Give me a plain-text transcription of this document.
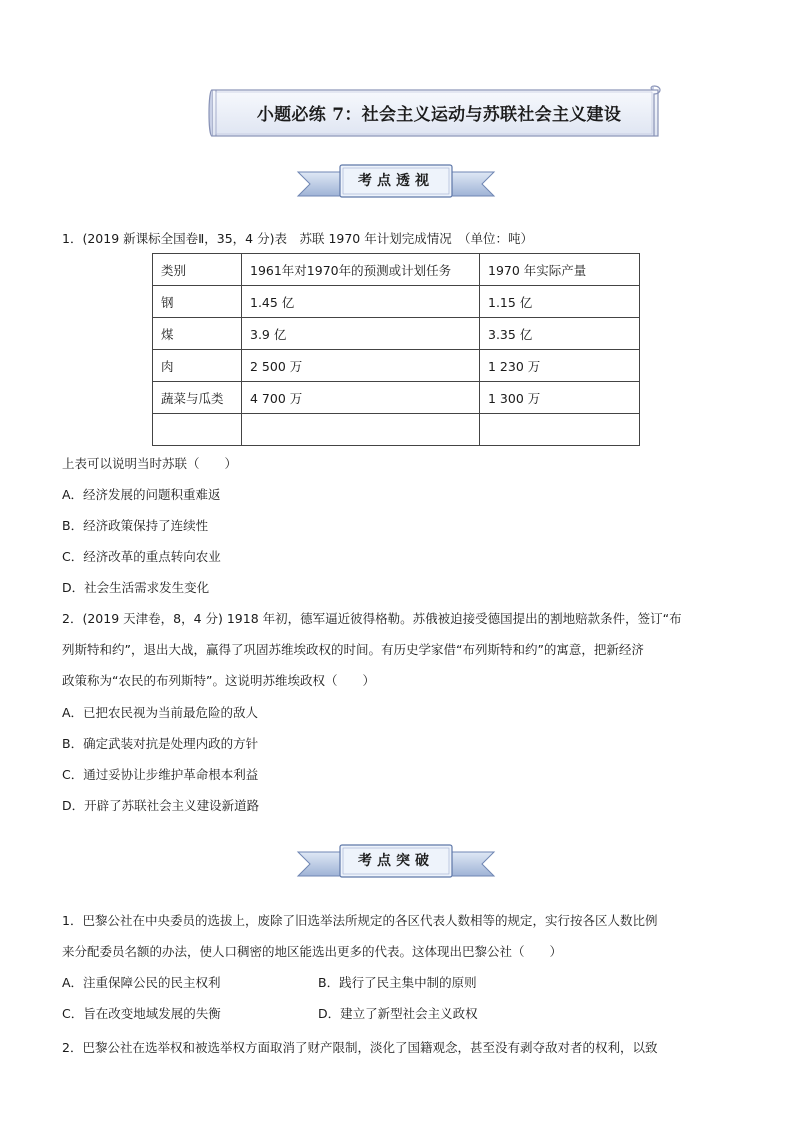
小题必练 7：社会主义运动与苏联社会主义建设
考点透视
1．(2019 新课标全国卷Ⅱ，35，4 分)表　苏联 1970 年计划完成情况　（单位：吨）
类别	1961年对1970年的预测或计划任务	1970 年实际产量
钢	1.45 亿	1.15 亿
煤	3.9 亿	3.35 亿
肉	2 500 万	1 230 万
蔬菜与瓜类	4 700 万	1 300 万

上表可以说明当时苏联（　　）
A．经济发展的问题积重难返
B．经济政策保持了连续性
C．经济改革的重点转向农业
D．社会生活需求发生变化
2．(2019 天津卷，8，4 分) 1918 年初，德军逼近彼得格勒。苏俄被迫接受德国提出的割地赔款条件，签订“布
列斯特和约”，退出大战，赢得了巩固苏维埃政权的时间。有历史学家借“布列斯特和约”的寓意，把新经济
政策称为“农民的布列斯特”。这说明苏维埃政权（　　）
A．已把农民视为当前最危险的敌人
B．确定武装对抗是处理内政的方针
C．通过妥协让步维护革命根本利益
D．开辟了苏联社会主义建设新道路
考点突破
1．巴黎公社在中央委员的选拔上，废除了旧选举法所规定的各区代表人数相等的规定，实行按各区人数比例
来分配委员名额的办法，使人口稠密的地区能选出更多的代表。这体现出巴黎公社（　　）
A．注重保障公民的民主权利	B．践行了民主集中制的原则
C．旨在改变地域发展的失衡	D．建立了新型社会主义政权
2．巴黎公社在选举权和被选举权方面取消了财产限制，淡化了国籍观念，甚至没有剥夺敌对者的权利，以致
